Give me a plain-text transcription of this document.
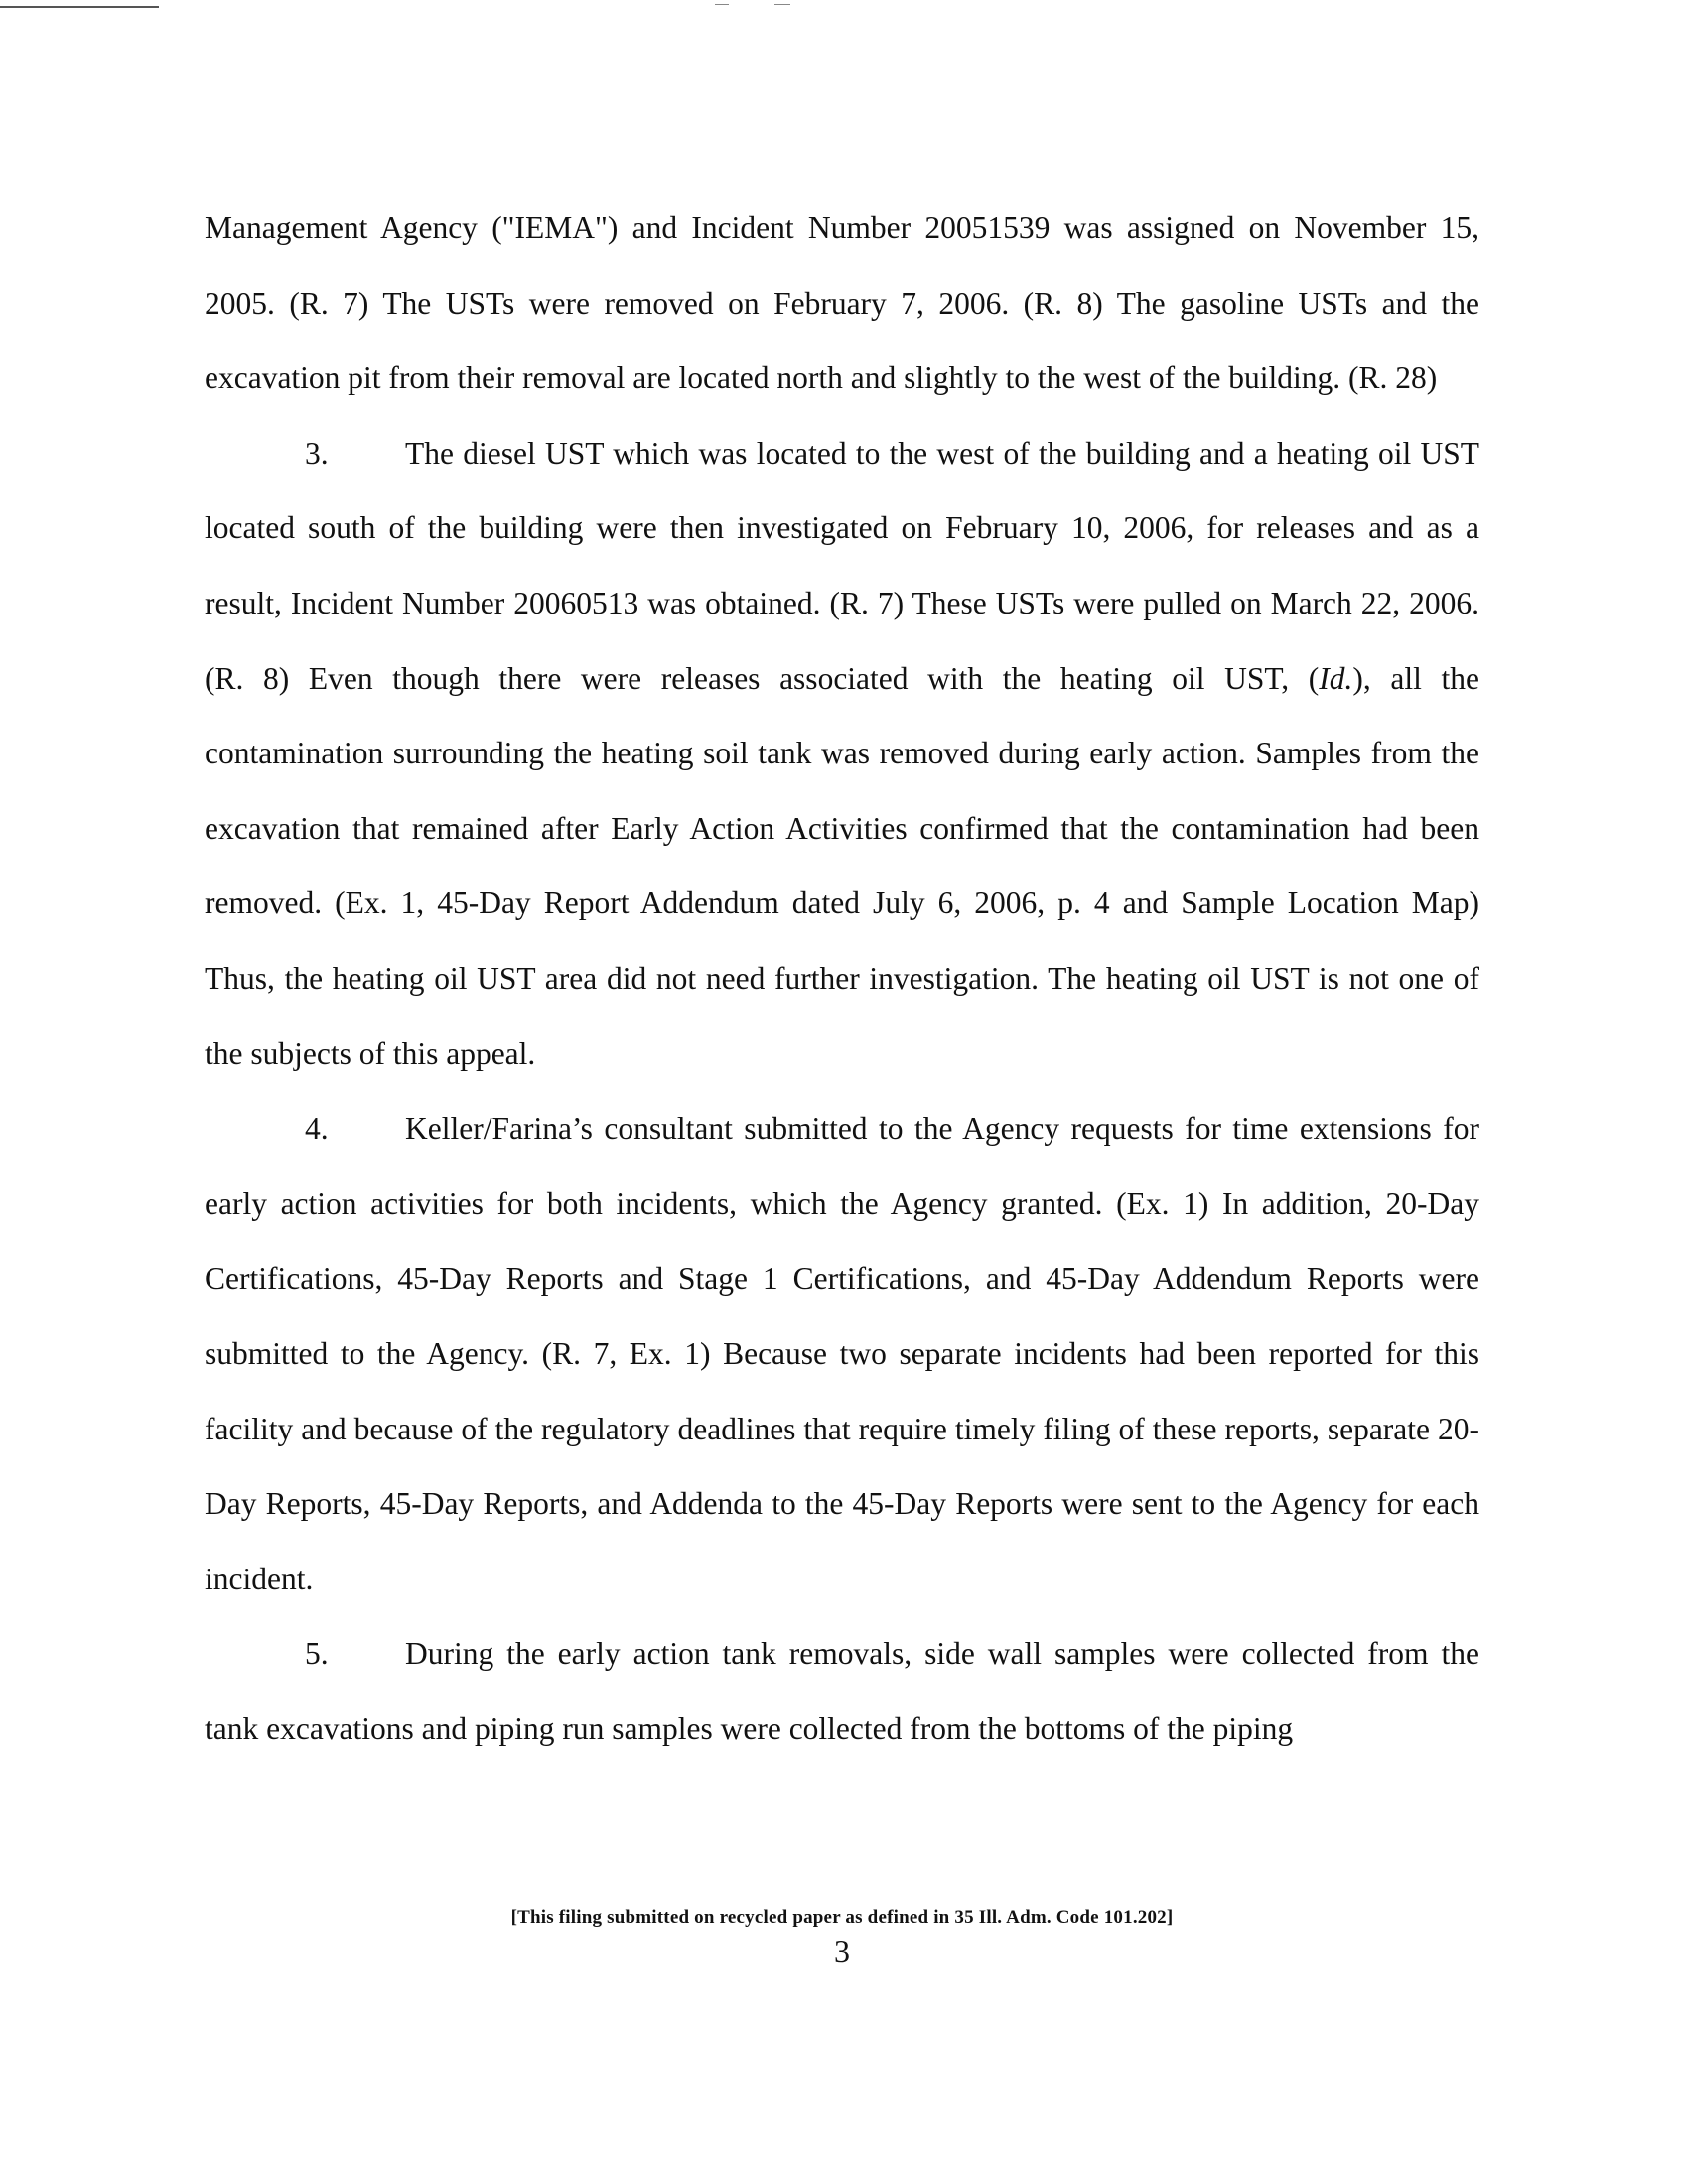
Management Agency ("IEMA") and Incident Number 20051539 was assigned on November 15, 2005. (R. 7) The USTs were removed on February 7, 2006. (R. 8) The gasoline USTs and the excavation pit from their removal are located north and slightly to the west of the building. (R. 28)

3. The diesel UST which was located to the west of the building and a heating oil UST located south of the building were then investigated on February 10, 2006, for releases and as a result, Incident Number 20060513 was obtained. (R. 7) These USTs were pulled on March 22, 2006. (R. 8) Even though there were releases associated with the heating oil UST, (Id.), all the contamination surrounding the heating soil tank was removed during early action. Samples from the excavation that remained after Early Action Activities confirmed that the contamination had been removed. (Ex. 1, 45-Day Report Addendum dated July 6, 2006, p. 4 and Sample Location Map) Thus, the heating oil UST area did not need further investigation. The heating oil UST is not one of the subjects of this appeal.

4. Keller/Farina’s consultant submitted to the Agency requests for time extensions for early action activities for both incidents, which the Agency granted. (Ex. 1) In addition, 20-Day Certifications, 45-Day Reports and Stage 1 Certifications, and 45-Day Addendum Reports were submitted to the Agency. (R. 7, Ex. 1) Because two separate incidents had been reported for this facility and because of the regulatory deadlines that require timely filing of these reports, separate 20-Day Reports, 45-Day Reports, and Addenda to the 45-Day Reports were sent to the Agency for each incident.

5. During the early action tank removals, side wall samples were collected from the tank excavations and piping run samples were collected from the bottoms of the piping

[This filing submitted on recycled paper as defined in 35 Ill. Adm. Code 101.202]
3
